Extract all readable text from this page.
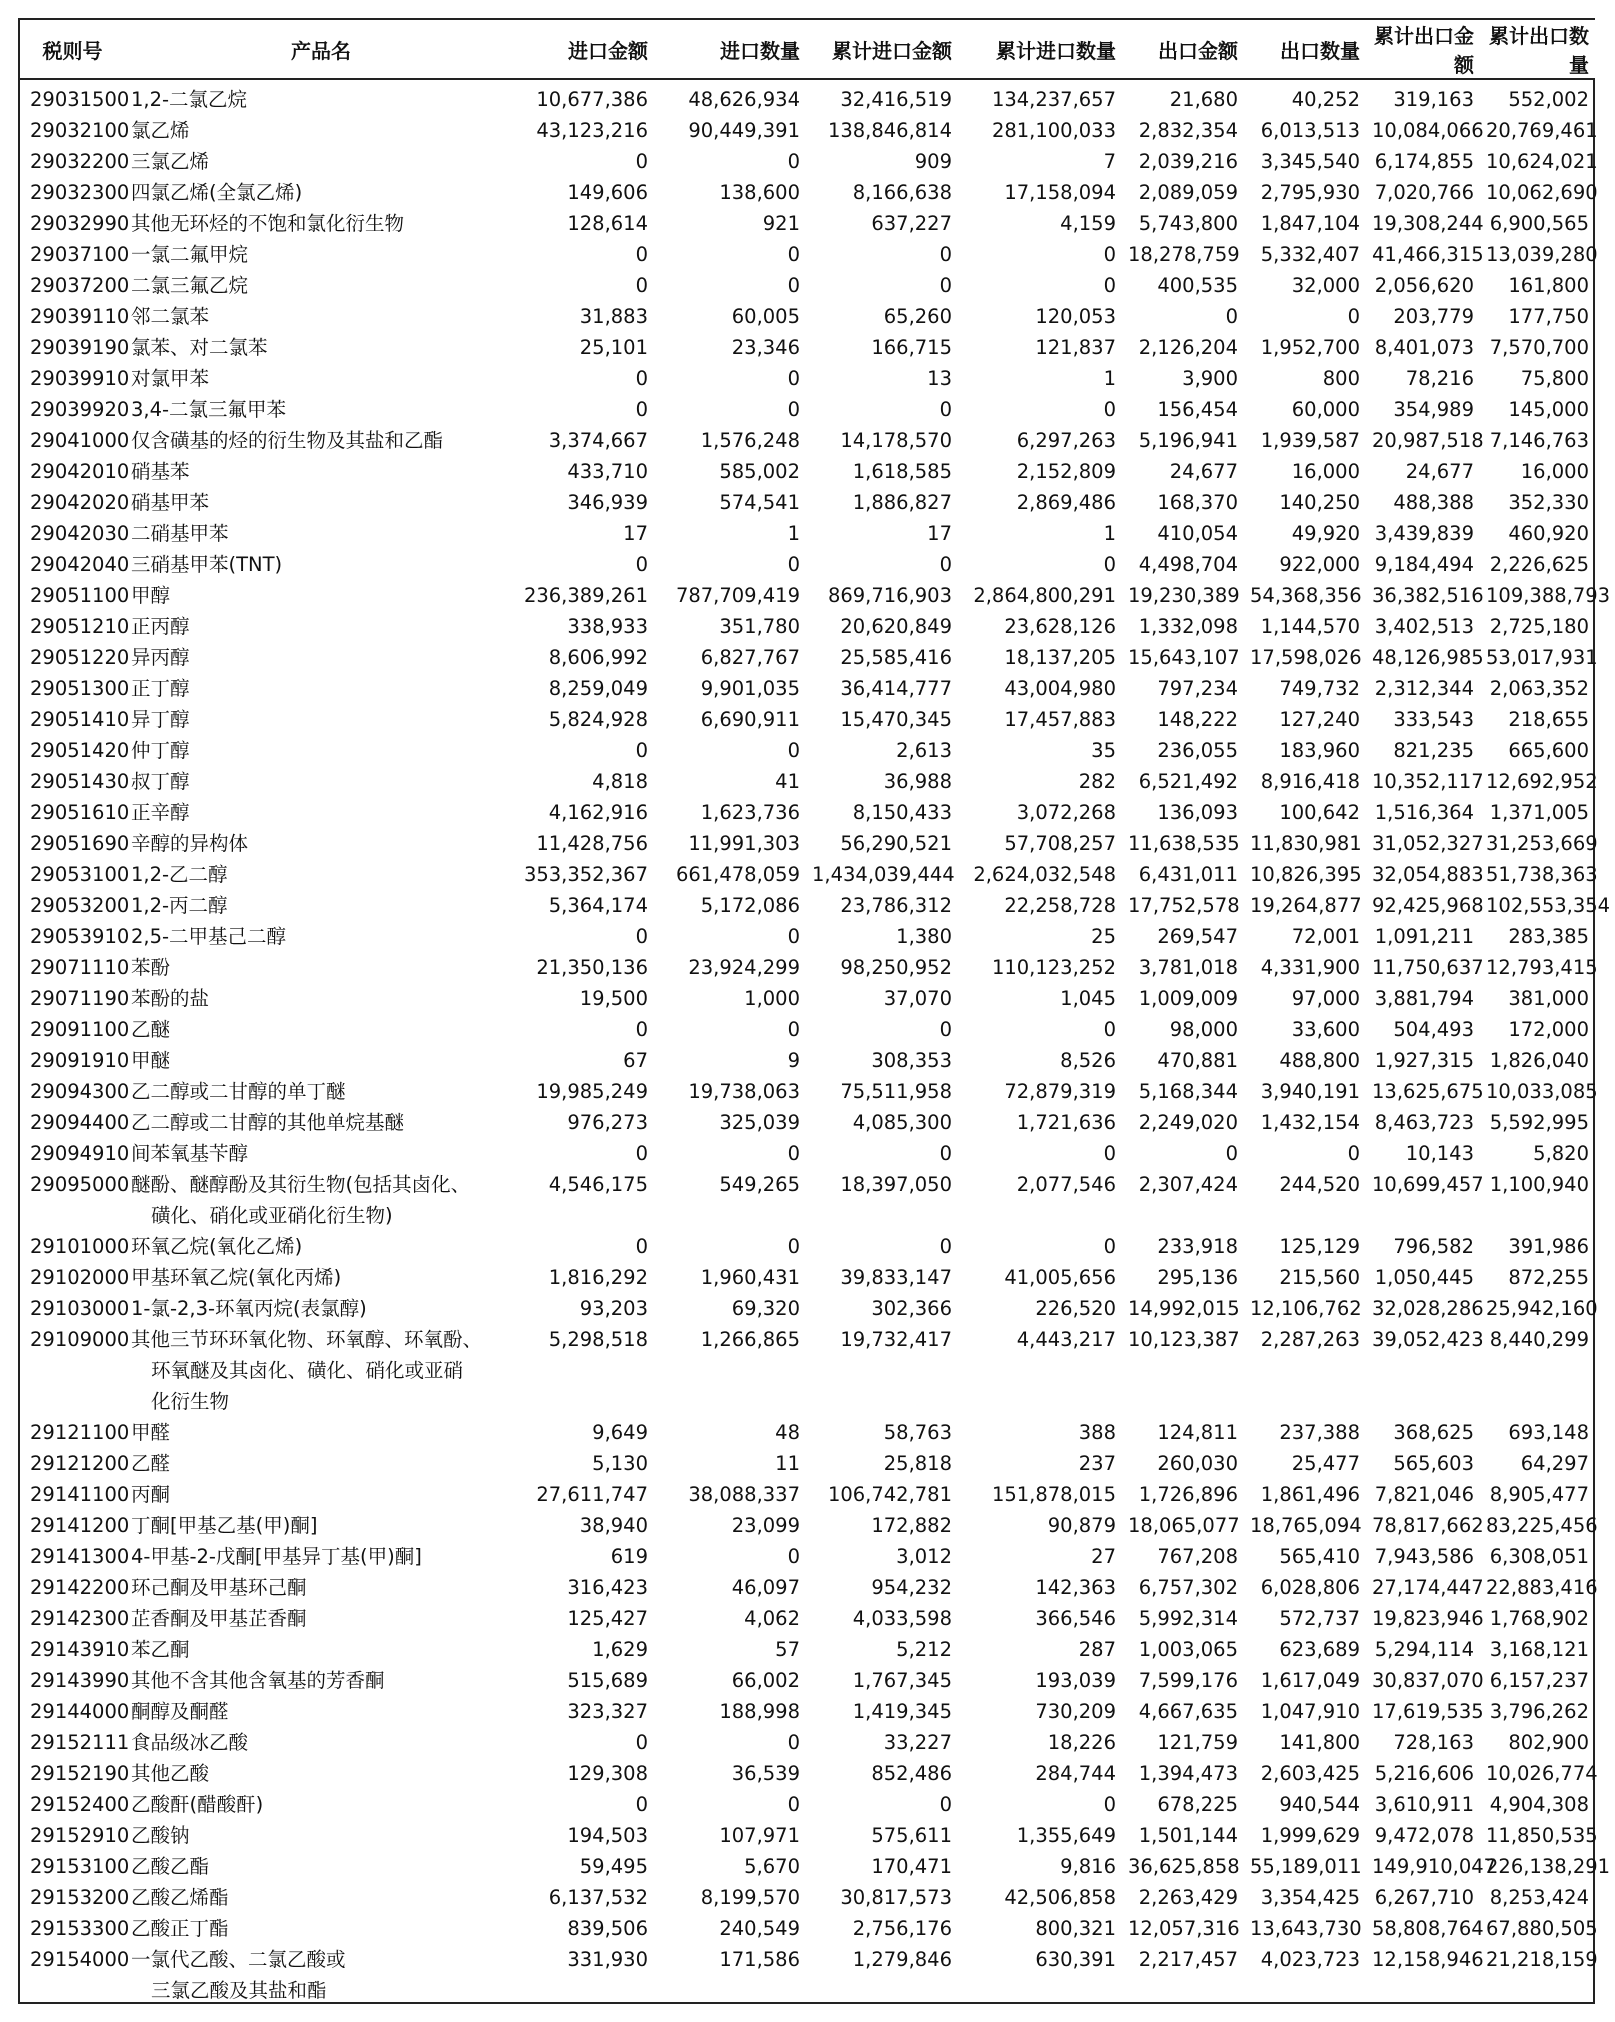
税则号	产品名	进口金额	进口数量	累计进口金额	累计进口数量	出口金额	出口数量	累计出口金额	累计出口数量
29031500	1,2-二氯乙烷	10,677,386	48,626,934	32,416,519	134,237,657	21,680	40,252	319,163	552,002
29032100	氯乙烯	43,123,216	90,449,391	138,846,814	281,100,033	2,832,354	6,013,513	10,084,066	20,769,461
29032200	三氯乙烯	0	0	909	7	2,039,216	3,345,540	6,174,855	10,624,021
29032300	四氯乙烯(全氯乙烯)	149,606	138,600	8,166,638	17,158,094	2,089,059	2,795,930	7,020,766	10,062,690
29032990	其他无环烃的不饱和氯化衍生物	128,614	921	637,227	4,159	5,743,800	1,847,104	19,308,244	6,900,565
29037100	一氯二氟甲烷	0	0	0	0	18,278,759	5,332,407	41,466,315	13,039,280
29037200	二氯三氟乙烷	0	0	0	0	400,535	32,000	2,056,620	161,800
29039110	邻二氯苯	31,883	60,005	65,260	120,053	0	0	203,779	177,750
29039190	氯苯、对二氯苯	25,101	23,346	166,715	121,837	2,126,204	1,952,700	8,401,073	7,570,700
29039910	对氯甲苯	0	0	13	1	3,900	800	78,216	75,800
29039920	3,4-二氯三氟甲苯	0	0	0	0	156,454	60,000	354,989	145,000
29041000	仅含磺基的烃的衍生物及其盐和乙酯	3,374,667	1,576,248	14,178,570	6,297,263	5,196,941	1,939,587	20,987,518	7,146,763
29042010	硝基苯	433,710	585,002	1,618,585	2,152,809	24,677	16,000	24,677	16,000
29042020	硝基甲苯	346,939	574,541	1,886,827	2,869,486	168,370	140,250	488,388	352,330
29042030	二硝基甲苯	17	1	17	1	410,054	49,920	3,439,839	460,920
29042040	三硝基甲苯(TNT)	0	0	0	0	4,498,704	922,000	9,184,494	2,226,625
29051100	甲醇	236,389,261	787,709,419	869,716,903	2,864,800,291	19,230,389	54,368,356	36,382,516	109,388,793
29051210	正丙醇	338,933	351,780	20,620,849	23,628,126	1,332,098	1,144,570	3,402,513	2,725,180
29051220	异丙醇	8,606,992	6,827,767	25,585,416	18,137,205	15,643,107	17,598,026	48,126,985	53,017,931
29051300	正丁醇	8,259,049	9,901,035	36,414,777	43,004,980	797,234	749,732	2,312,344	2,063,352
29051410	异丁醇	5,824,928	6,690,911	15,470,345	17,457,883	148,222	127,240	333,543	218,655
29051420	仲丁醇	0	0	2,613	35	236,055	183,960	821,235	665,600
29051430	叔丁醇	4,818	41	36,988	282	6,521,492	8,916,418	10,352,117	12,692,952
29051610	正辛醇	4,162,916	1,623,736	8,150,433	3,072,268	136,093	100,642	1,516,364	1,371,005
29051690	辛醇的异构体	11,428,756	11,991,303	56,290,521	57,708,257	11,638,535	11,830,981	31,052,327	31,253,669
29053100	1,2-乙二醇	353,352,367	661,478,059	1,434,039,444	2,624,032,548	6,431,011	10,826,395	32,054,883	51,738,363
29053200	1,2-丙二醇	5,364,174	5,172,086	23,786,312	22,258,728	17,752,578	19,264,877	92,425,968	102,553,354
29053910	2,5-二甲基己二醇	0	0	1,380	25	269,547	72,001	1,091,211	283,385
29071110	苯酚	21,350,136	23,924,299	98,250,952	110,123,252	3,781,018	4,331,900	11,750,637	12,793,415
29071190	苯酚的盐	19,500	1,000	37,070	1,045	1,009,009	97,000	3,881,794	381,000
29091100	乙醚	0	0	0	0	98,000	33,600	504,493	172,000
29091910	甲醚	67	9	308,353	8,526	470,881	488,800	1,927,315	1,826,040
29094300	乙二醇或二甘醇的单丁醚	19,985,249	19,738,063	75,511,958	72,879,319	5,168,344	3,940,191	13,625,675	10,033,085
29094400	乙二醇或二甘醇的其他单烷基醚	976,273	325,039	4,085,300	1,721,636	2,249,020	1,432,154	8,463,723	5,592,995
29094910	间苯氧基苄醇	0	0	0	0	0	0	10,143	5,820
29095000	醚酚、醚醇酚及其衍生物(包括其卤化、
磺化、硝化或亚硝化衍生物)	4,546,175	549,265	18,397,050	2,077,546	2,307,424	244,520	10,699,457	1,100,940
29101000	环氧乙烷(氧化乙烯)	0	0	0	0	233,918	125,129	796,582	391,986
29102000	甲基环氧乙烷(氧化丙烯)	1,816,292	1,960,431	39,833,147	41,005,656	295,136	215,560	1,050,445	872,255
29103000	1-氯-2,3-环氧丙烷(表氯醇)	93,203	69,320	302,366	226,520	14,992,015	12,106,762	32,028,286	25,942,160
29109000	其他三节环环氧化物、环氧醇、环氧酚、
环氧醚及其卤化、磺化、硝化或亚硝
化衍生物	5,298,518	1,266,865	19,732,417	4,443,217	10,123,387	2,287,263	39,052,423	8,440,299
29121100	甲醛	9,649	48	58,763	388	124,811	237,388	368,625	693,148
29121200	乙醛	5,130	11	25,818	237	260,030	25,477	565,603	64,297
29141100	丙酮	27,611,747	38,088,337	106,742,781	151,878,015	1,726,896	1,861,496	7,821,046	8,905,477
29141200	丁酮[甲基乙基(甲)酮]	38,940	23,099	172,882	90,879	18,065,077	18,765,094	78,817,662	83,225,456
29141300	4-甲基-2-戊酮[甲基异丁基(甲)酮]	619	0	3,012	27	767,208	565,410	7,943,586	6,308,051
29142200	环己酮及甲基环己酮	316,423	46,097	954,232	142,363	6,757,302	6,028,806	27,174,447	22,883,416
29142300	芷香酮及甲基芷香酮	125,427	4,062	4,033,598	366,546	5,992,314	572,737	19,823,946	1,768,902
29143910	苯乙酮	1,629	57	5,212	287	1,003,065	623,689	5,294,114	3,168,121
29143990	其他不含其他含氧基的芳香酮	515,689	66,002	1,767,345	193,039	7,599,176	1,617,049	30,837,070	6,157,237
29144000	酮醇及酮醛	323,327	188,998	1,419,345	730,209	4,667,635	1,047,910	17,619,535	3,796,262
29152111	食品级冰乙酸	0	0	33,227	18,226	121,759	141,800	728,163	802,900
29152190	其他乙酸	129,308	36,539	852,486	284,744	1,394,473	2,603,425	5,216,606	10,026,774
29152400	乙酸酐(醋酸酐)	0	0	0	0	678,225	940,544	3,610,911	4,904,308
29152910	乙酸钠	194,503	107,971	575,611	1,355,649	1,501,144	1,999,629	9,472,078	11,850,535
29153100	乙酸乙酯	59,495	5,670	170,471	9,816	36,625,858	55,189,011	149,910,047	226,138,291
29153200	乙酸乙烯酯	6,137,532	8,199,570	30,817,573	42,506,858	2,263,429	3,354,425	6,267,710	8,253,424
29153300	乙酸正丁酯	839,506	240,549	2,756,176	800,321	12,057,316	13,643,730	58,808,764	67,880,505
29154000	一氯代乙酸、二氯乙酸或
三氯乙酸及其盐和酯	331,930	171,586	1,279,846	630,391	2,217,457	4,023,723	12,158,946	21,218,159
